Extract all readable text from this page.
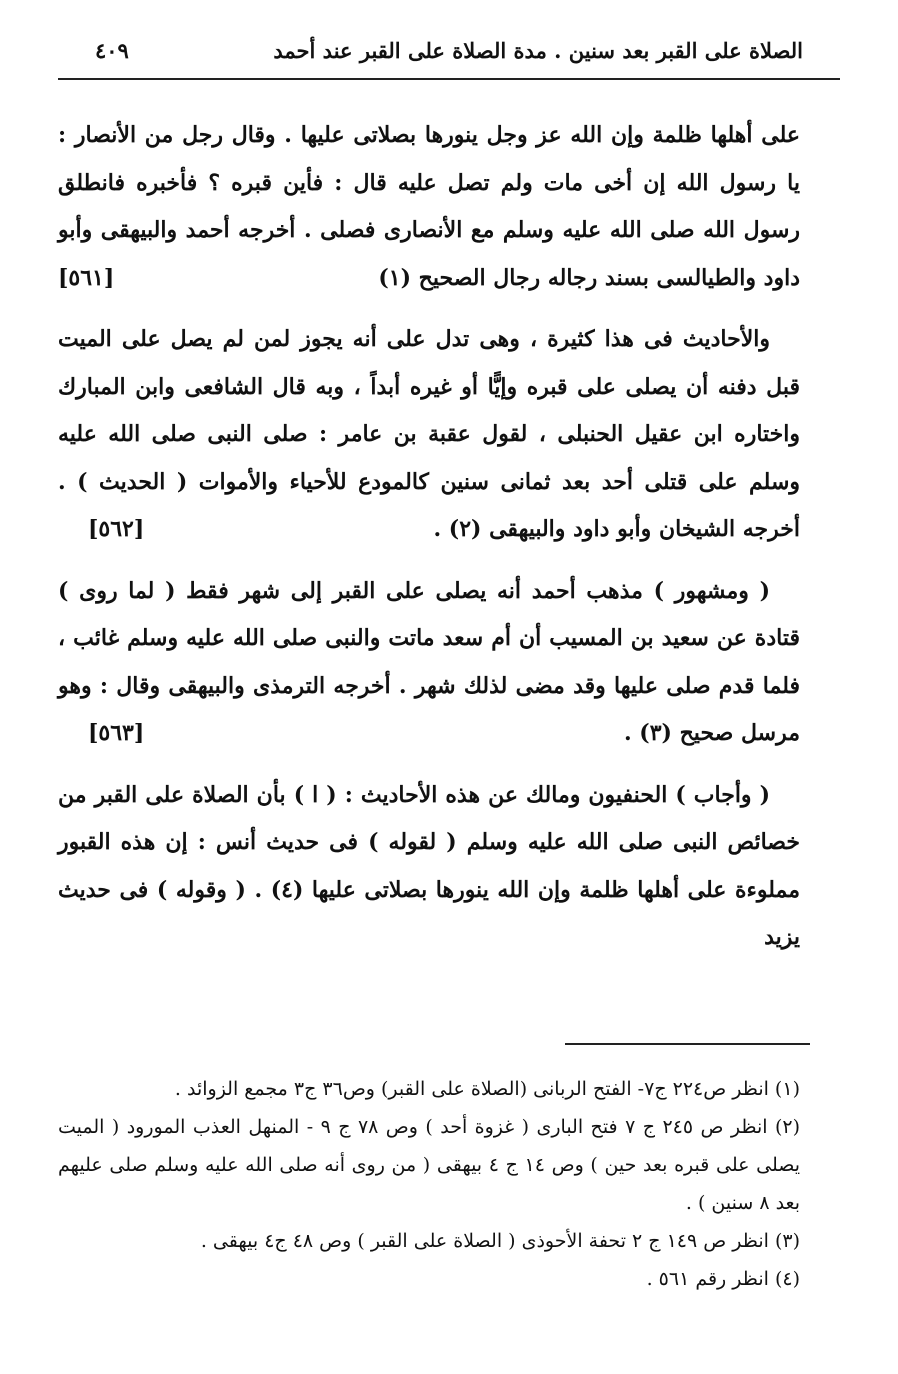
الصلاة على القبر بعد سنين . مدة الصلاة على القبر عند أحمد
٤٠٩

على أهلها ظلمة وإن الله عز وجل ينورها بصلاتى عليها . وقال رجل من الأنصار : يا رسول الله إن أخى مات ولم تصل عليه قال : فأين قبره ؟ فأخبره فانطلق رسول الله صلى الله عليه وسلم مع الأنصارى فصلى . أخرجه أحمد والبيهقى وأبو داود والطيالسى بسند رجاله رجال الصحيح (١)
[٥٦١]

والأحاديث فى هذا كثيرة ، وهى تدل على أنه يجوز لمن لم يصل على الميت قبل دفنه أن يصلى على قبره وإيًّا أو غيره أبداً ، وبه قال الشافعى وابن المبارك واختاره ابن عقيل الحنبلى ، لقول عقبة بن عامر : صلى النبى صلى الله عليه وسلم على قتلى أحد بعد ثمانى سنين كالمودع للأحياء والأموات ( الحديث ) . أخرجه الشيخان وأبو داود والبيهقى (٢) .
[٥٦٢]

( ومشهور ) مذهب أحمد أنه يصلى على القبر إلى شهر فقط ( لما روى ) قتادة عن سعيد بن المسيب أن أم سعد ماتت والنبى صلى الله عليه وسلم غائب ، فلما قدم صلى عليها وقد مضى لذلك شهر . أخرجه الترمذى والبيهقى وقال : وهو مرسل صحيح (٣) .
[٥٦٣]

( وأجاب ) الحنفيون ومالك عن هذه الأحاديث : ( ا ) بأن الصلاة على القبر من خصائص النبى صلى الله عليه وسلم ( لقوله ) فى حديث أنس : إن هذه القبور مملوءة على أهلها ظلمة وإن الله ينورها بصلاتى عليها (٤) . ( وقوله ) فى حديث يزيد

(١) انظر ص٢٢٤ ج٧- الفتح الربانى (الصلاة على القبر) وص٣٦ ج٣ مجمع الزوائد .

(٢) انظر ص ٢٤٥ ج ٧ فتح البارى ( غزوة أحد ) وص ٧٨ ج ٩ - المنهل العذب المورود ( الميت يصلى على قبره بعد حين ) وص ١٤ ج ٤ بيهقى ( من روى أنه صلى الله عليه وسلم صلى عليهم بعد ٨ سنين ) .

(٣) انظر ص ١٤٩ ج ٢ تحفة الأحوذى ( الصلاة على القبر ) وص ٤٨ ج٤ بيهقى .

(٤) انظر رقم ٥٦١ .
